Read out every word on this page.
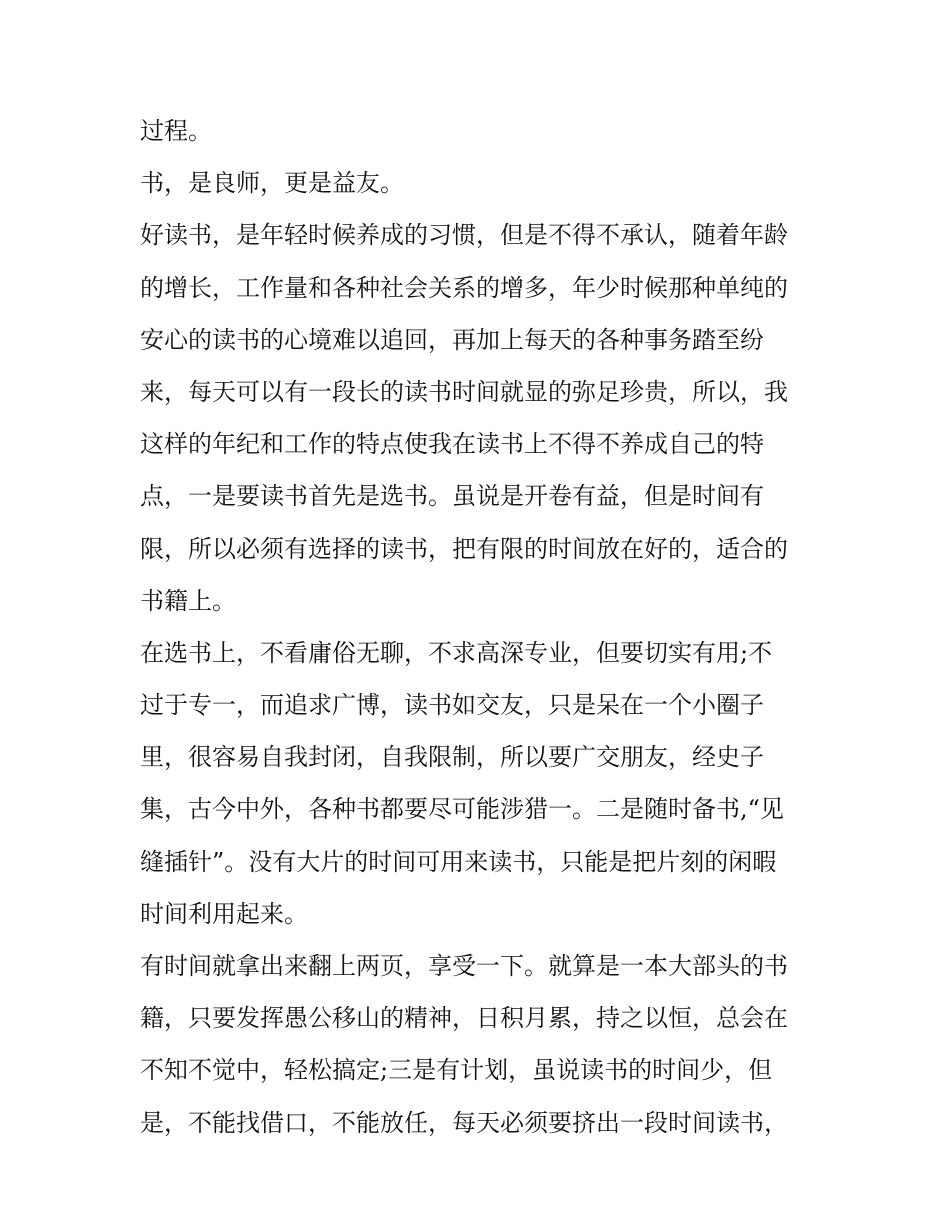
过程。
书，是良师，更是益友。
好读书，是年轻时候养成的习惯，但是不得不承认，随着年龄
的增长，工作量和各种社会关系的增多，年少时候那种单纯的
安心的读书的心境难以追回，再加上每天的各种事务踏至纷
来，每天可以有一段长的读书时间就显的弥足珍贵，所以，我
这样的年纪和工作的特点使我在读书上不得不养成自己的特
点，一是要读书首先是选书。虽说是开卷有益，但是时间有
限，所以必须有选择的读书，把有限的时间放在好的，适合的
书籍上。
在选书上，不看庸俗无聊，不求高深专业，但要切实有用;不
过于专一，而追求广博，读书如交友，只是呆在一个小圈子
里，很容易自我封闭，自我限制，所以要广交朋友，经史子
集，古今中外，各种书都要尽可能涉猎一。二是随时备书,“见
缝插针”。没有大片的时间可用来读书，只能是把片刻的闲暇
时间利用起来。
有时间就拿出来翻上两页，享受一下。就算是一本大部头的书
籍，只要发挥愚公移山的精神，日积月累，持之以恒，总会在
不知不觉中，轻松搞定;三是有计划，虽说读书的时间少，但
是，不能找借口，不能放任，每天必须要挤出一段时间读书，
